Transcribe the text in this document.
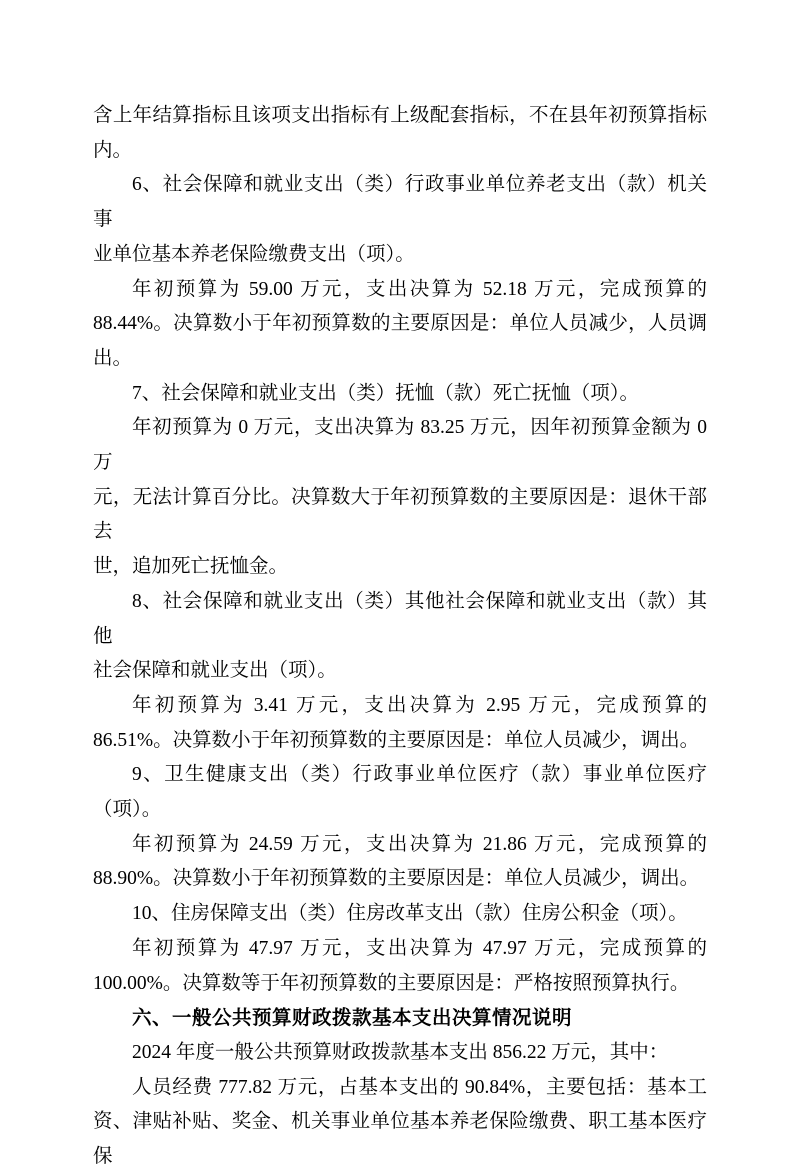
含上年结算指标且该项支出指标有上级配套指标，不在县年初预算指标
内。
6、社会保障和就业支出（类）行政事业单位养老支出（款）机关事
业单位基本养老保险缴费支出（项）。
年初预算为 59.00 万元，支出决算为 52.18 万元，完成预算的
88.44%。决算数小于年初预算数的主要原因是：单位人员减少，人员调
出。
7、社会保障和就业支出（类）抚恤（款）死亡抚恤（项）。
年初预算为 0 万元，支出决算为 83.25 万元，因年初预算金额为 0 万
元，无法计算百分比。决算数大于年初预算数的主要原因是：退休干部去
世，追加死亡抚恤金。
8、社会保障和就业支出（类）其他社会保障和就业支出（款）其他
社会保障和就业支出（项）。
年初预算为 3.41 万元，支出决算为 2.95 万元，完成预算的
86.51%。决算数小于年初预算数的主要原因是：单位人员减少，调出。
9、卫生健康支出（类）行政事业单位医疗（款）事业单位医疗
（项）。
年初预算为 24.59 万元，支出决算为 21.86 万元，完成预算的
88.90%。决算数小于年初预算数的主要原因是：单位人员减少，调出。
10、住房保障支出（类）住房改革支出（款）住房公积金（项）。
年初预算为 47.97 万元，支出决算为 47.97 万元，完成预算的
100.00%。决算数等于年初预算数的主要原因是：严格按照预算执行。
六、一般公共预算财政拨款基本支出决算情况说明
2024 年度一般公共预算财政拨款基本支出 856.22 万元，其中：
人员经费 777.82 万元，占基本支出的 90.84%，主要包括：基本工
资、津贴补贴、奖金、机关事业单位基本养老保险缴费、职工基本医疗保
